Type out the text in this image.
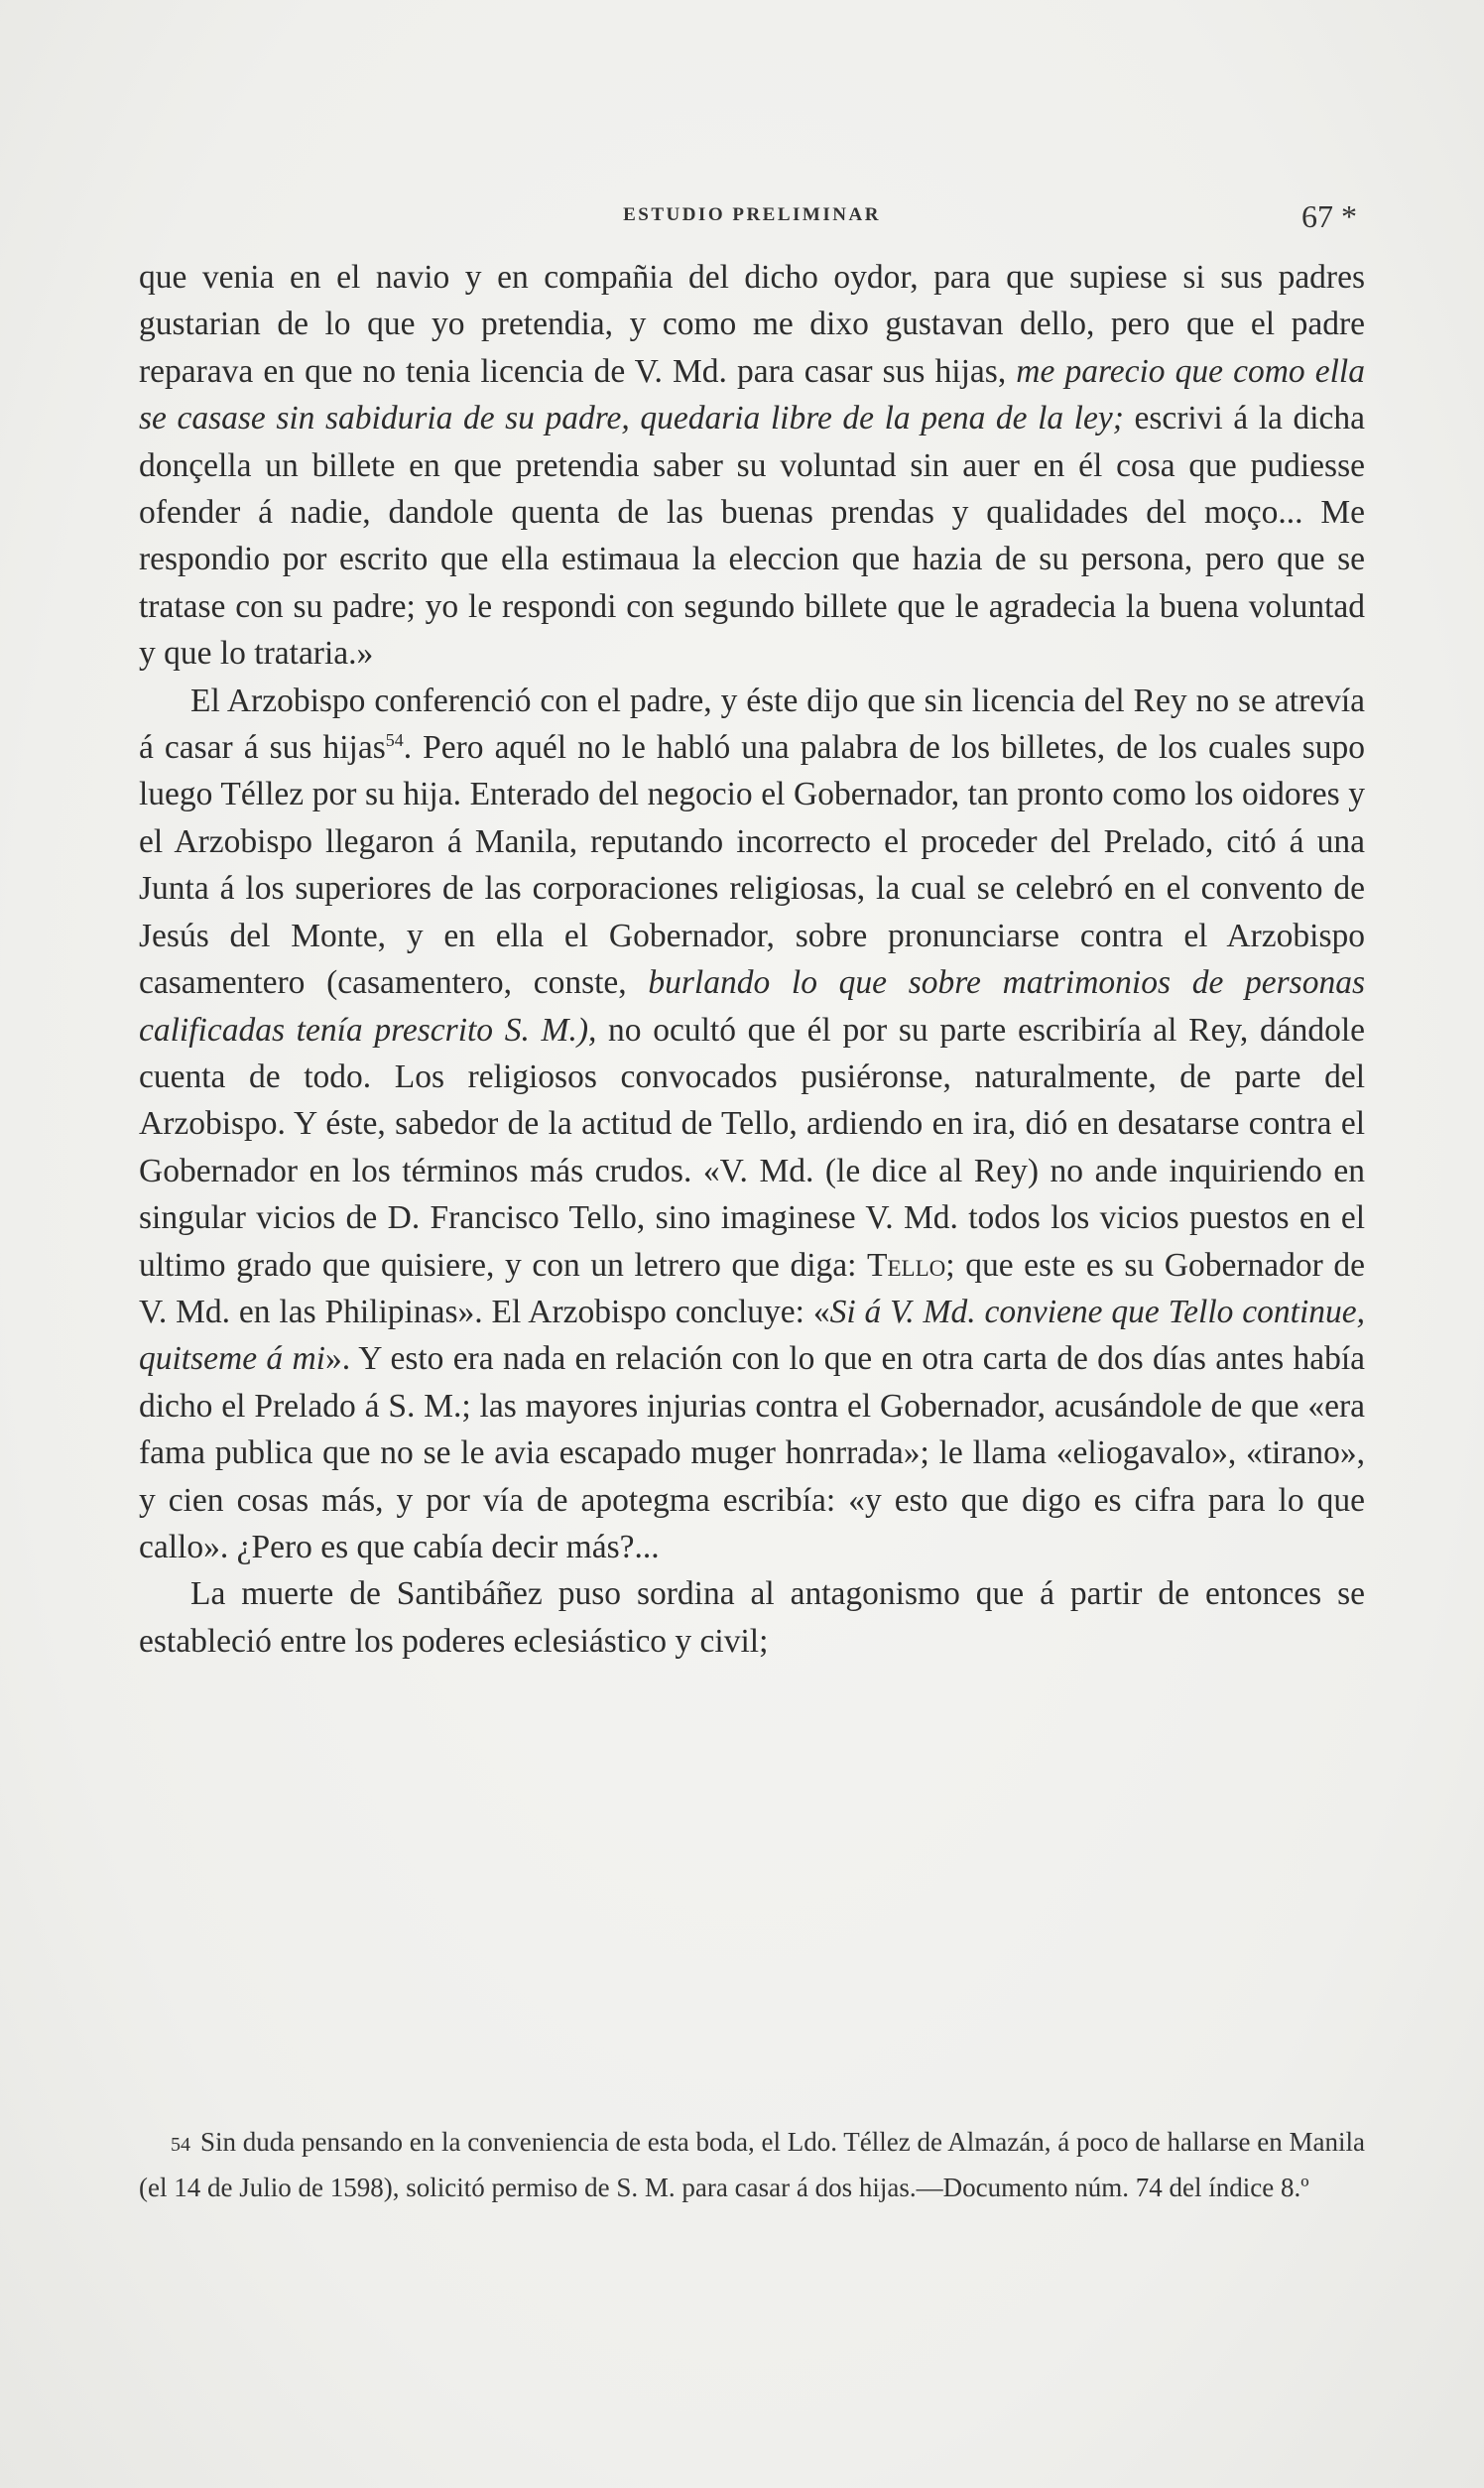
ESTUDIO PRELIMINAR	67 *

que venia en el navio y en compañia del dicho oydor, para que supiese si sus padres gustarian de lo que yo pretendia, y como me dixo gustavan dello, pero que el padre reparava en que no tenia licencia de V. Md. para casar sus hijas, me parecio que como ella se casase sin sabiduria de su padre, quedaria libre de la pena de la ley; escrivi á la dicha donçella un billete en que pretendia saber su voluntad sin auer en él cosa que pudiesse ofender á nadie, dandole quenta de las buenas prendas y qualidades del moço... Me respondio por escrito que ella estimaua la eleccion que hazia de su persona, pero que se tratase con su padre; yo le respondi con segundo billete que le agradecia la buena voluntad y que lo trataria.»

El Arzobispo conferenció con el padre, y éste dijo que sin licencia del Rey no se atrevía á casar á sus hijas$^{54}$. Pero aquél no le habló una palabra de los billetes, de los cuales supo luego Téllez por su hija. Enterado del negocio el Gobernador, tan pronto como los oidores y el Arzobispo llegaron á Manila, reputando incorrecto el proceder del Prelado, citó á una Junta á los superiores de las corporaciones religiosas, la cual se celebró en el convento de Jesús del Monte, y en ella el Gobernador, sobre pronunciarse contra el Arzobispo casamentero (casamentero, conste, burlando lo que sobre matrimonios de personas calificadas tenía prescrito S. M.), no ocultó que él por su parte escribiría al Rey, dándole cuenta de todo. Los religiosos convocados pusiéronse, naturalmente, de parte del Arzobispo. Y éste, sabedor de la actitud de Tello, ardiendo en ira, dió en desatarse contra el Gobernador en los términos más crudos. «V. Md. (le dice al Rey) no ande inquiriendo en singular vicios de D. Francisco Tello, sino imaginese V. Md. todos los vicios puestos en el ultimo grado que quisiere, y con un letrero que diga: Tello; que este es su Gobernador de V. Md. en las Philipinas». El Arzobispo concluye: «Si á V. Md. conviene que Tello continue, quitseme á mi». Y esto era nada en relación con lo que en otra carta de dos días antes había dicho el Prelado á S. M.; las mayores injurias contra el Gobernador, acusándole de que «era fama publica que no se le avia escapado muger honrrada»; le llama «eliogavalo», «tirano», y cien cosas más, y por vía de apotegma escribía: «y esto que digo es cifra para lo que callo». ¿Pero es que cabía decir más?...

La muerte de Santibáñez puso sordina al antagonismo que á partir de entonces se estableció entre los poderes eclesiástico y civil;

54 Sin duda pensando en la conveniencia de esta boda, el Ldo. Téllez de Almazán, á poco de hallarse en Manila (el 14 de Julio de 1598), solicitó permiso de S. M. para casar á dos hijas.—Documento núm. 74 del índice 8.º
